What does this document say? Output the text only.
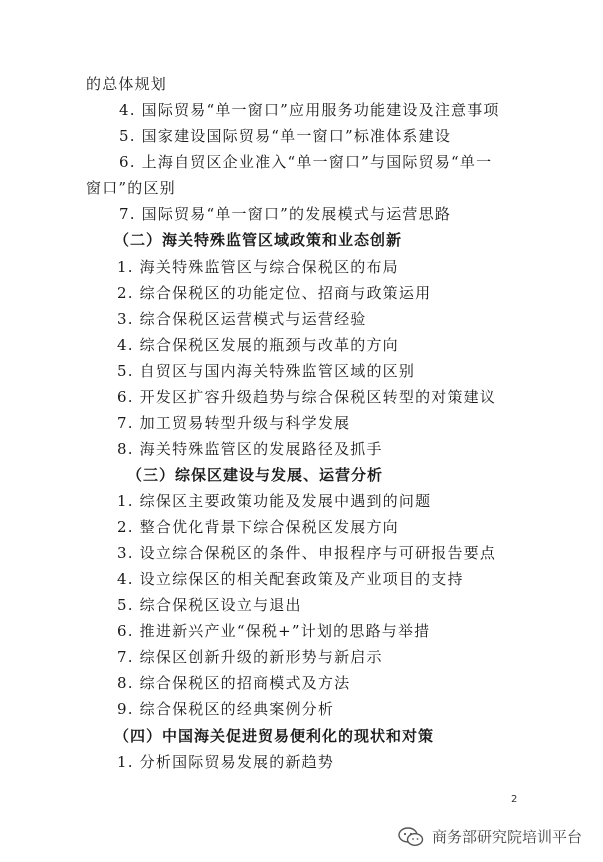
的总体规划
4. 国际贸易“单一窗口”应用服务功能建设及注意事项
5. 国家建设国际贸易“单一窗口”标准体系建设
6. 上海自贸区企业准入“单一窗口”与国际贸易“单一
窗口”的区别
7. 国际贸易“单一窗口”的发展模式与运营思路
（二）海关特殊监管区域政策和业态创新
1. 海关特殊监管区与综合保税区的布局
2. 综合保税区的功能定位、招商与政策运用
3. 综合保税区运营模式与运营经验
4. 综合保税区发展的瓶颈与改革的方向
5. 自贸区与国内海关特殊监管区域的区别
6. 开发区扩容升级趋势与综合保税区转型的对策建议
7. 加工贸易转型升级与科学发展
8. 海关特殊监管区的发展路径及抓手
（三）综保区建设与发展、运营分析
1. 综保区主要政策功能及发展中遇到的问题
2. 整合优化背景下综合保税区发展方向
3. 设立综合保税区的条件、申报程序与可研报告要点
4. 设立综保区的相关配套政策及产业项目的支持
5. 综合保税区设立与退出
6. 推进新兴产业“保税+”计划的思路与举措
7. 综保区创新升级的新形势与新启示
8. 综合保税区的招商模式及方法
9. 综合保税区的经典案例分析
（四）中国海关促进贸易便利化的现状和对策
1. 分析国际贸易发展的新趋势
2
商务部研究院培训平台
